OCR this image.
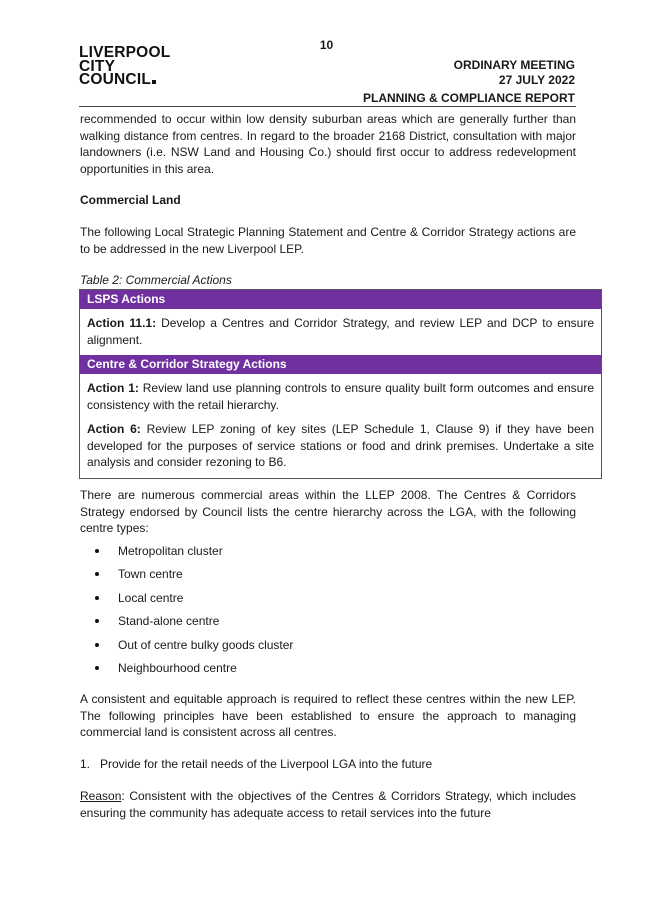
10
LIVERPOOL
CITY
COUNCIL
ORDINARY MEETING
27 JULY 2022
PLANNING & COMPLIANCE REPORT
recommended to occur within low density suburban areas which are generally further than walking distance from centres. In regard to the broader 2168 District, consultation with major landowners (i.e. NSW Land and Housing Co.) should first occur to address redevelopment opportunities in this area.
Commercial Land
The following Local Strategic Planning Statement and Centre & Corridor Strategy actions are to be addressed in the new Liverpool LEP.
Table 2: Commercial Actions
LSPS Actions

Action 11.1: Develop a Centres and Corridor Strategy, and review LEP and DCP to ensure alignment.

Centre & Corridor Strategy Actions

Action 1: Review land use planning controls to ensure quality built form outcomes and ensure consistency with the retail hierarchy.

Action 6: Review LEP zoning of key sites (LEP Schedule 1, Clause 9) if they have been developed for the purposes of service stations or food and drink premises. Undertake a site analysis and consider rezoning to B6.

There are numerous commercial areas within the LLEP 2008. The Centres & Corridors Strategy endorsed by Council lists the centre hierarchy across the LGA, with the following centre types:
Metropolitan cluster
Town centre
Local centre
Stand-alone centre
Out of centre bulky goods cluster
Neighbourhood centre
A consistent and equitable approach is required to reflect these centres within the new LEP. The following principles have been established to ensure the approach to managing commercial land is consistent across all centres.
1.   Provide for the retail needs of the Liverpool LGA into the future
Reason: Consistent with the objectives of the Centres & Corridors Strategy, which includes ensuring the community has adequate access to retail services into the future
